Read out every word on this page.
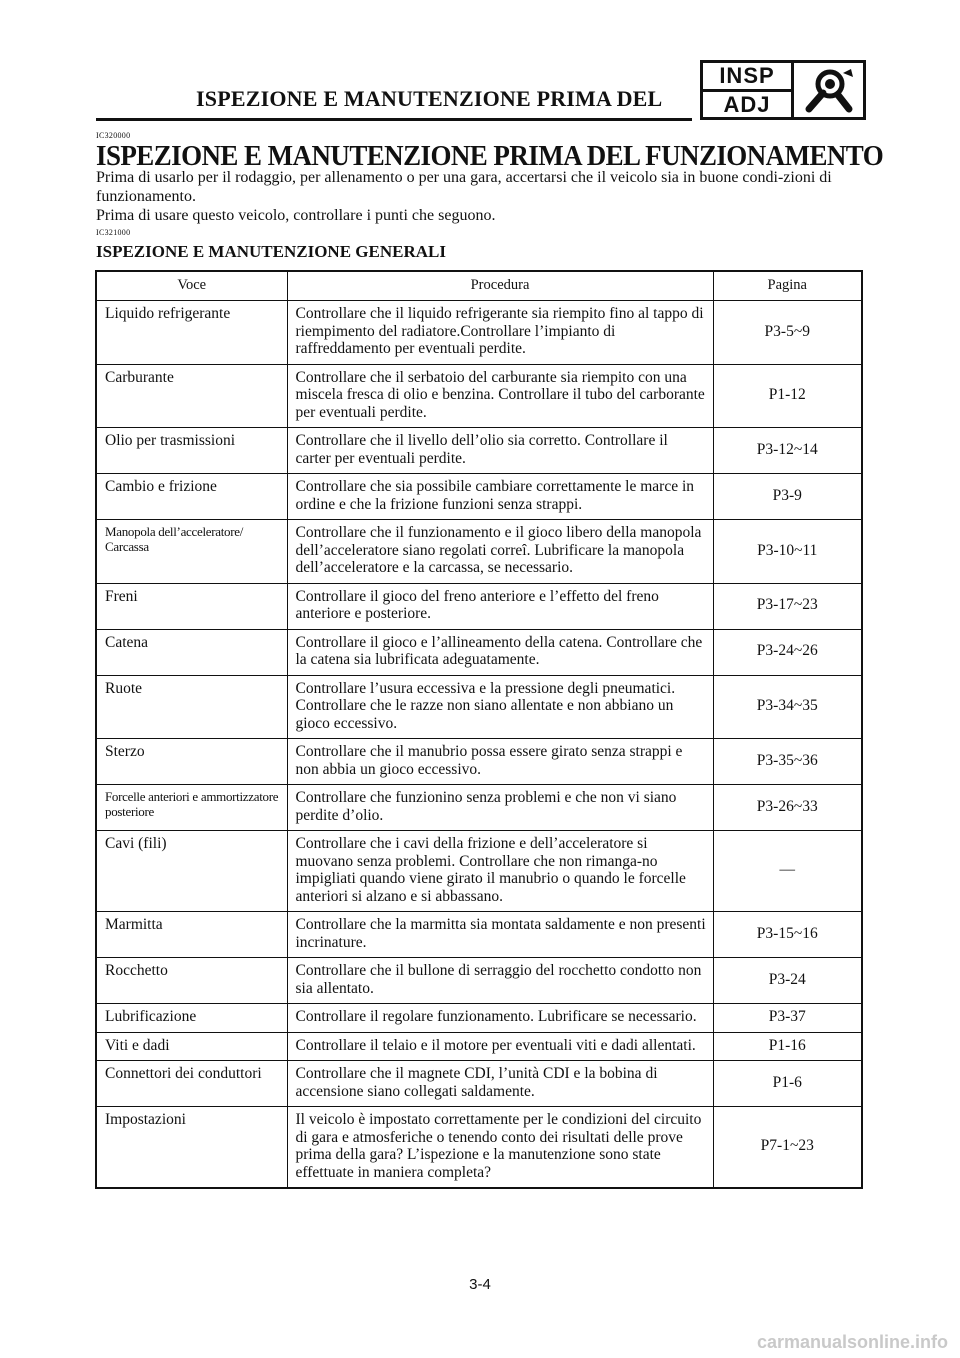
ISPEZIONE E MANUTENZIONE PRIMA DEL
INSP
ADJ
IC320000
ISPEZIONE E MANUTENZIONE PRIMA DEL FUNZIONAMENTO

Prima di usarlo per il rodaggio, per allenamento o per una gara, accertarsi che il veicolo sia in buone condi-zioni di funzionamento.

Prima di usare questo veicolo, controllare i punti che seguono.

IC321000
ISPEZIONE E MANUTENZIONE GENERALI
Voce	Procedura	Pagina
Liquido refrigerante	Controllare che il liquido refrigerante sia riempito fino al tappo di riempimento del radiatore.Controllare l’impianto di raffreddamento per eventuali perdite.	P3-5~9
Carburante	Controllare che il serbatoio del carburante sia riempito con una miscela fresca di olio e benzina. Controllare il tubo del carborante per eventuali perdite.	P1-12
Olio per trasmissioni	Controllare che il livello dell’olio sia corretto. Controllare il carter per eventuali perdite.	P3-12~14
Cambio e frizione	Controllare che sia possibile cambiare correttamente le marce in ordine e che la frizione funzioni senza strappi.	P3-9
Manopola dell’acceleratore/ Carcassa	Controllare che il funzionamento e il gioco libero della manopola dell’acceleratore siano regolati correî. Lubrificare la manopola dell’acceleratore e la carcassa, se necessario.	P3-10~11
Freni	Controllare il gioco del freno anteriore e l’effetto del freno anteriore e posteriore.	P3-17~23
Catena	Controllare il gioco e l’allineamento della catena. Controllare che la catena sia lubrificata adeguatamente.	P3-24~26
Ruote	Controllare l’usura eccessiva e la pressione degli pneumatici. Controllare che le razze non siano allentate e non abbiano un gioco eccessivo.	P3-34~35
Sterzo	Controllare che il manubrio possa essere girato senza strappi e non abbia un gioco eccessivo.	P3-35~36
Forcelle anteriori e ammortizzatore posteriore	Controllare che funzionino senza problemi e che non vi siano perdite d’olio.	P3-26~33
Cavi (fili)	Controllare che i cavi della frizione e dell’acceleratore si muovano senza problemi. Controllare che non rimanga-no impigliati quando viene girato il manubrio o quando le forcelle anteriori si alzano e si abbassano.	—
Marmitta	Controllare che la marmitta sia montata saldamente e non presenti incrinature.	P3-15~16
Rocchetto	Controllare che il bullone di serraggio del rocchetto condotto non sia allentato.	P3-24
Lubrificazione	Controllare il regolare funzionamento. Lubrificare se necessario.	P3-37
Viti e dadi	Controllare il telaio e il motore per eventuali viti e dadi allentati.	P1-16
Connettori dei conduttori	Controllare che il magnete CDI, l’unità CDI e la bobina di accensione siano collegati saldamente.	P1-6
Impostazioni	Il veicolo è impostato correttamente per le condizioni del circuito di gara e atmosferiche o tenendo conto dei risultati delle prove prima della gara? L’ispezione e la manutenzione sono state effettuate in maniera completa?	P7-1~23
3-4
carmanualsonline.info
